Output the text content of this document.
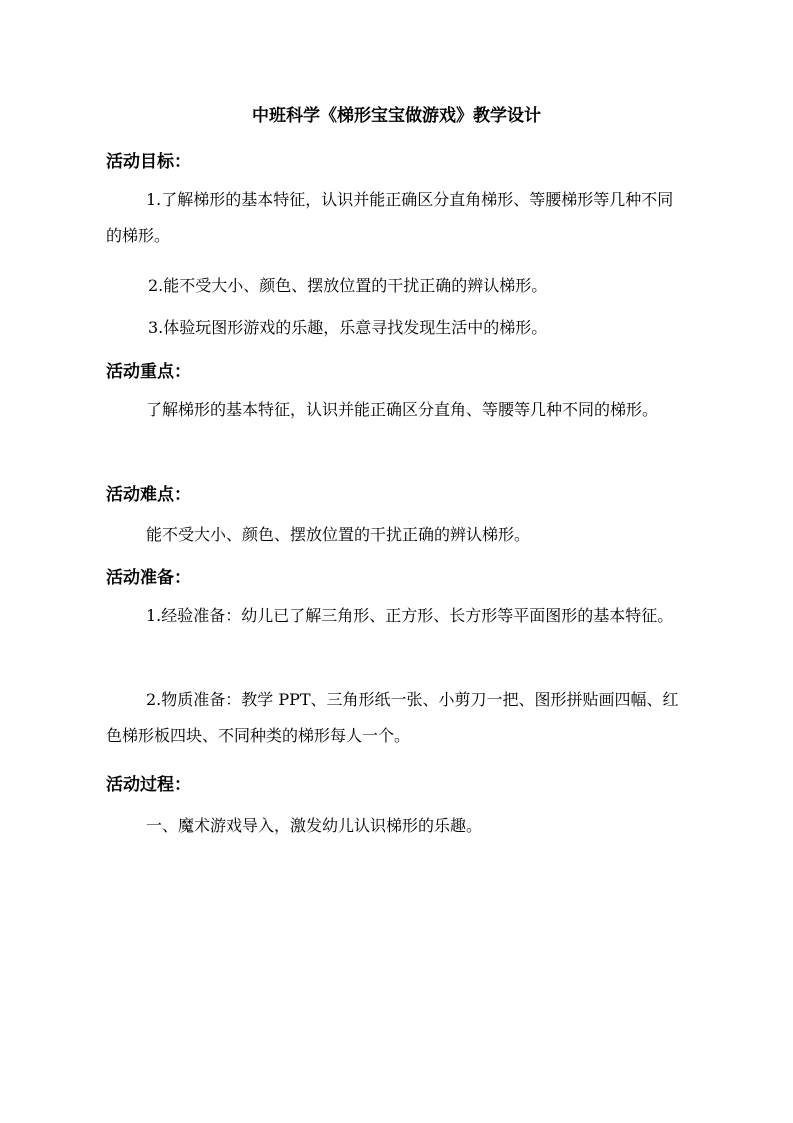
中班科学《梯形宝宝做游戏》教学设计
活动目标：
1.了解梯形的基本特征，认识并能正确区分直角梯形、等腰梯形等几种不同的梯形。
2.能不受大小、颜色、摆放位置的干扰正确的辨认梯形。
3.体验玩图形游戏的乐趣，乐意寻找发现生活中的梯形。
活动重点：
了解梯形的基本特征，认识并能正确区分直角、等腰等几种不同的梯形。
活动难点：
能不受大小、颜色、摆放位置的干扰正确的辨认梯形。
活动准备：
1.经验准备：幼儿已了解三角形、正方形、长方形等平面图形的基本特征。
2.物质准备：教学 PPT、三角形纸一张、小剪刀一把、图形拼贴画四幅、红色梯形板四块、不同种类的梯形每人一个。
活动过程：
一、魔术游戏导入，激发幼儿认识梯形的乐趣。
